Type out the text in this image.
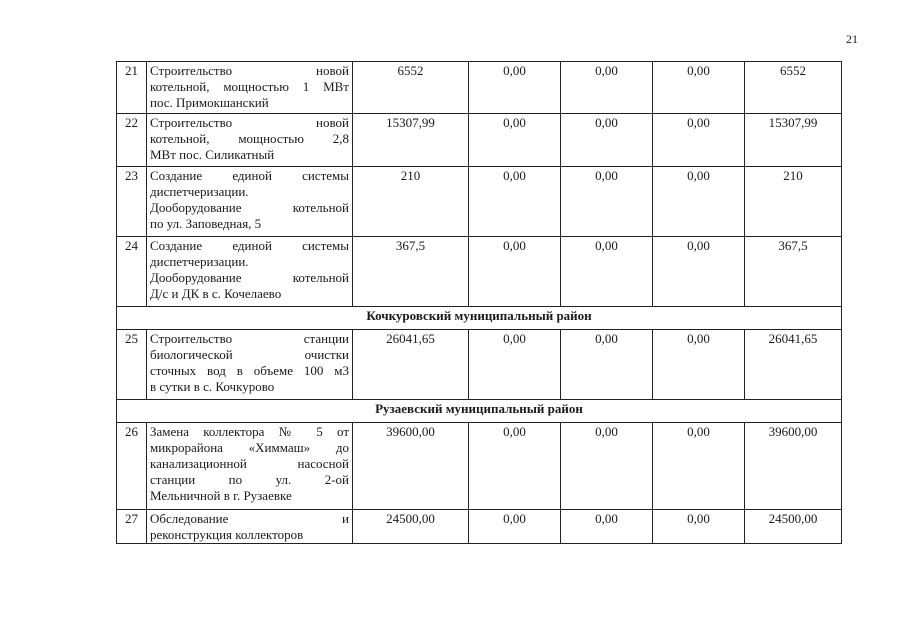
21
21	Строительство новой
котельной, мощностью 1 МВт
пос. Примокшанский	6552	0,00	0,00	0,00	6552
22	Строительство новой
котельной, мощностью 2,8
МВт пос. Силикатный	15307,99	0,00	0,00	0,00	15307,99
23	Создание единой системы
диспетчеризации.
Дооборудование котельной
по ул. Заповедная, 5	210	0,00	0,00	0,00	210
24	Создание единой системы
диспетчеризации.
Дооборудование котельной
Д/с и ДК в с. Кочелаево	367,5	0,00	0,00	0,00	367,5
Кочкуровский муниципальный район						
25	Строительство станции
биологической очистки
сточных вод в объеме 100 м3
в сутки в с. Кочкурово	26041,65	0,00	0,00	0,00	26041,65
Рузаевский муниципальный район						
26	Замена коллектора № 5 от
микрорайона «Химмаш» до
канализационной насосной
станции по ул. 2-ой
Мельничной в г. Рузаевке	39600,00	0,00	0,00	0,00	39600,00
27	Обследование и
реконструкция коллекторов	24500,00	0,00	0,00	0,00	24500,00
